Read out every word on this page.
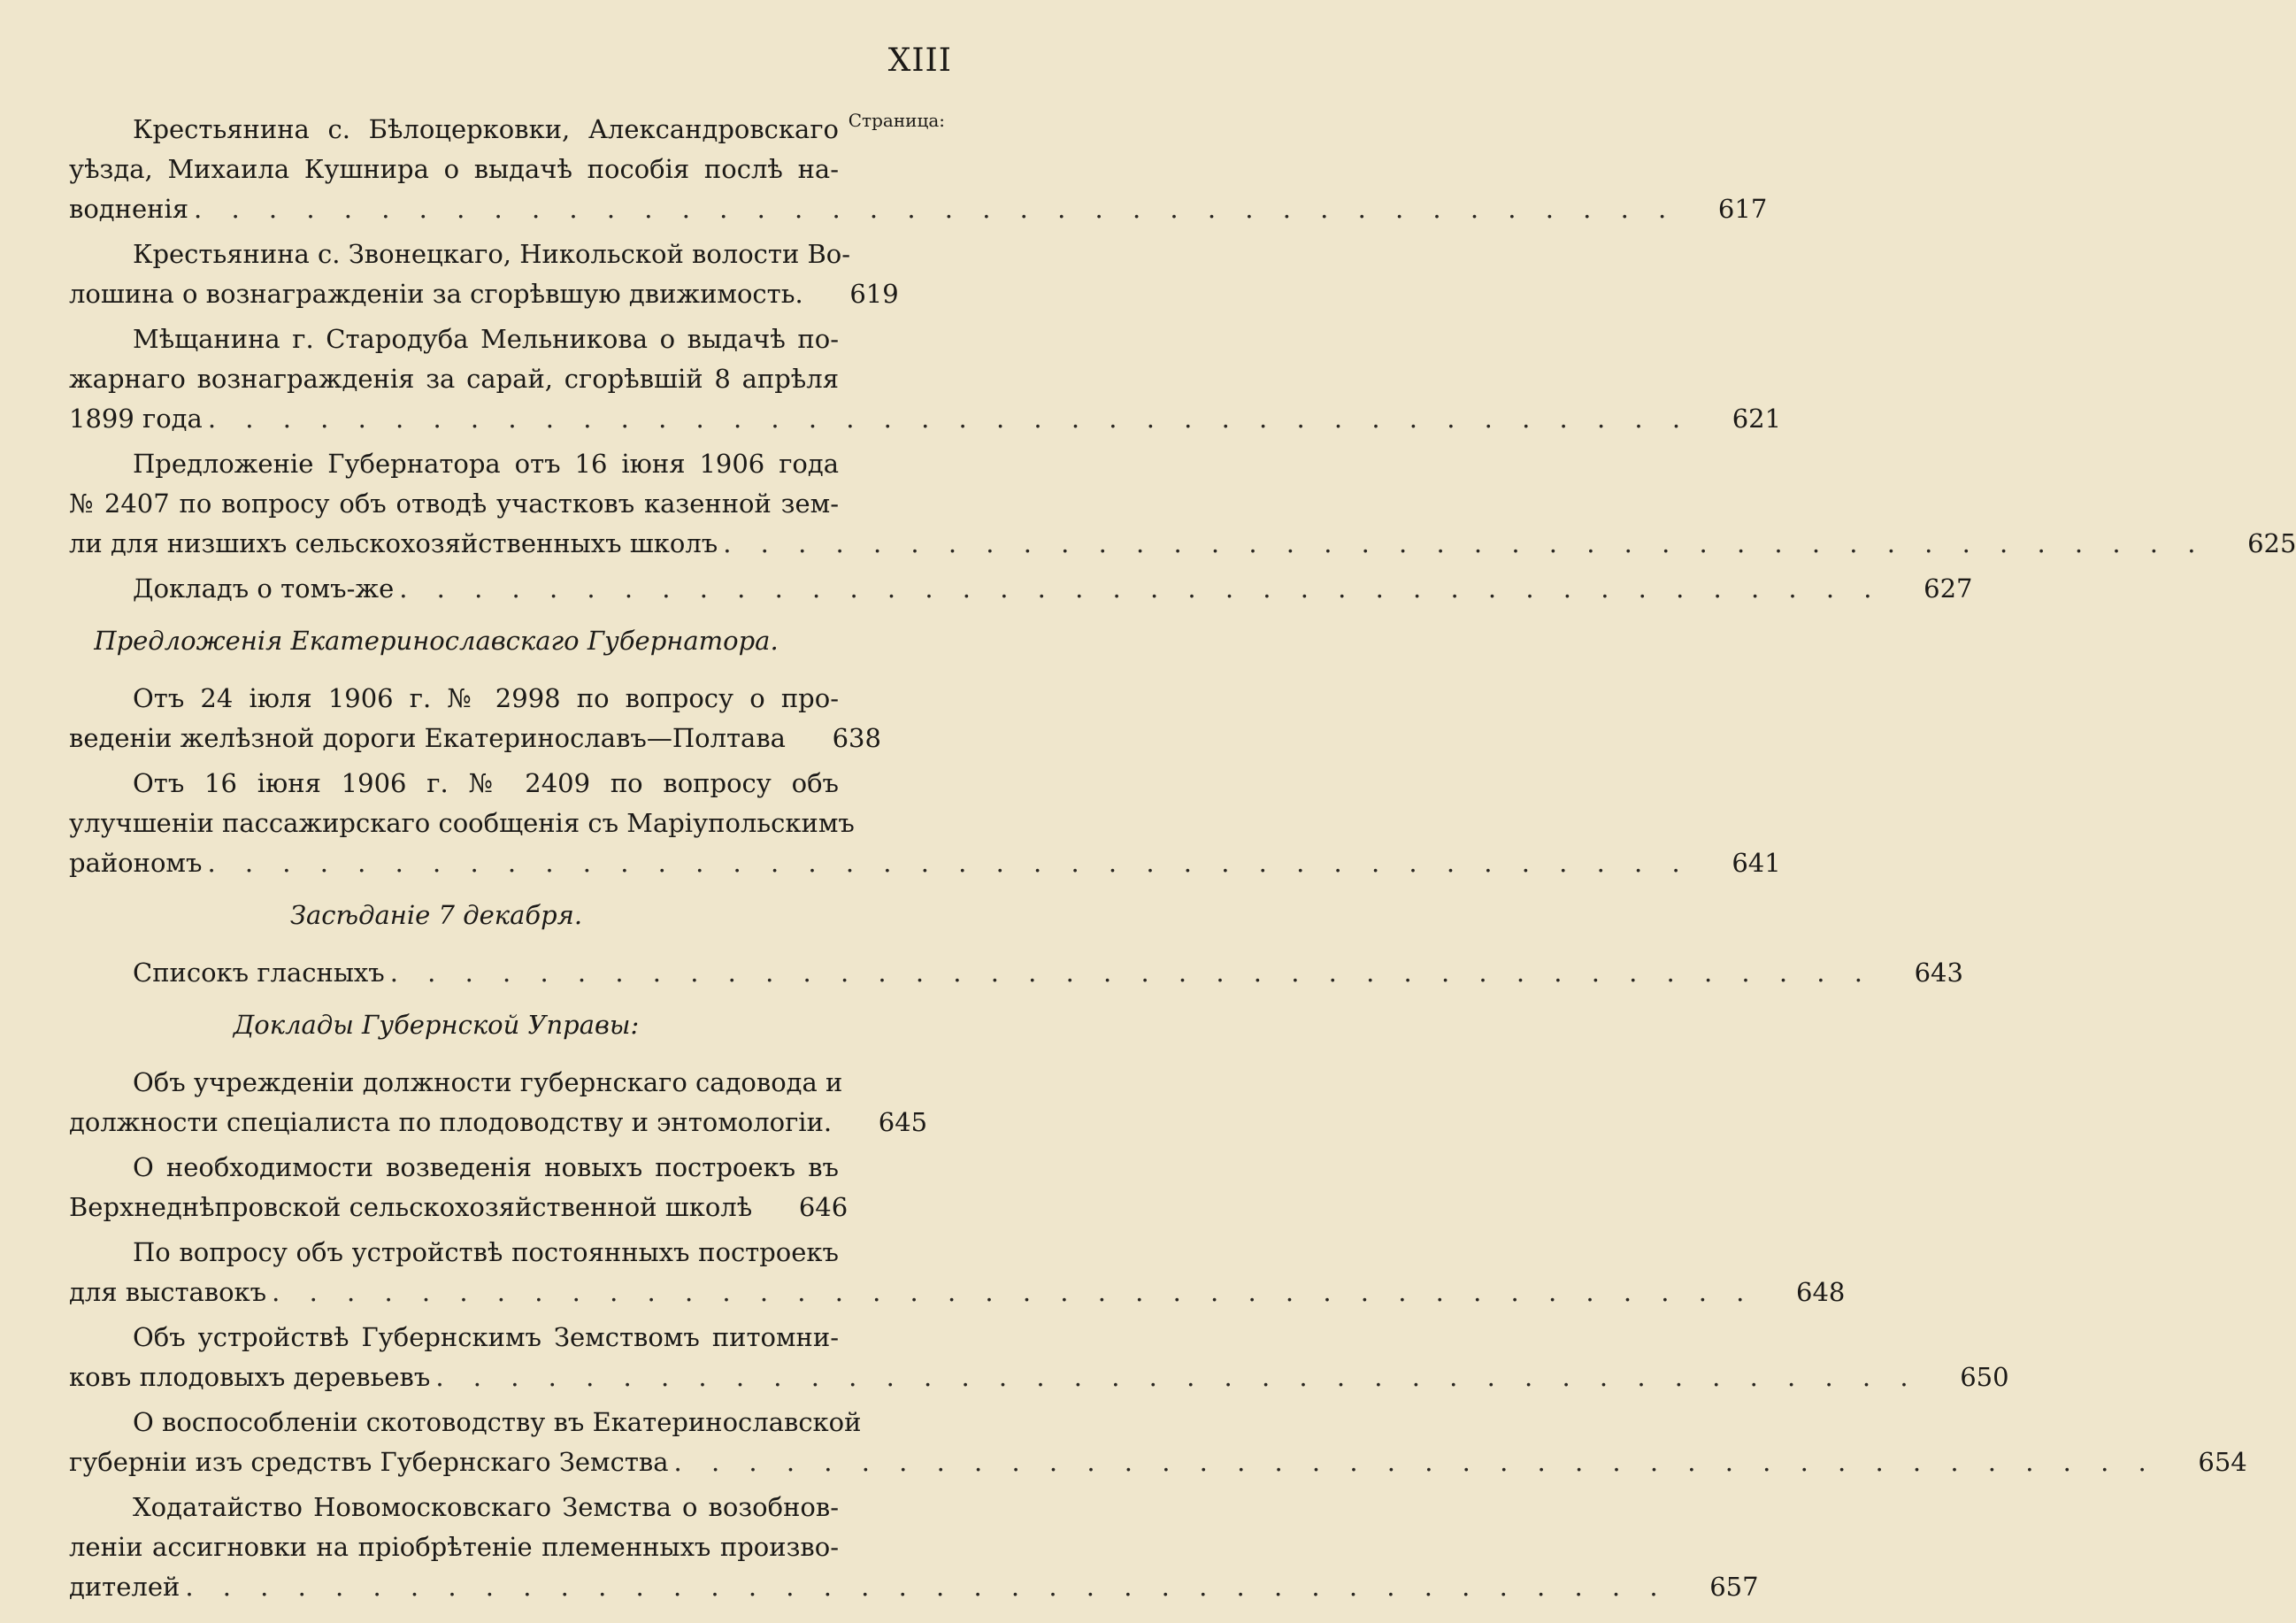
XIII
Страница:
Крестьянина с. Бѣлоцерковки, Александровскаго
уѣзда, Михаила Кушнира о выдачѣ пособія послѣ на-
водненія . . . . . . . . . . . . . . . . . . . . . . . . . . . . . . . . . . . . . . . . 617
Крестьянина с. Звонецкаго, Никольской волости Во-
лошина о вознагражденіи за сгорѣвшую движимость. 619
Мѣщанина г. Стародуба Мельникова о выдачѣ по-
жарнаго вознагражденія за сарай, сгорѣвшій 8 апрѣля
1899 года . . . . . . . . . . . . . . . . . . . . . . . . . . . . . . . . . . . . . . . . 621
Предложеніе Губернатора отъ 16 іюня 1906 года
№ 2407 по вопросу объ отводѣ участковъ казенной зем-
ли для низшихъ сельскохозяйственныхъ школъ . . . . . . . . . . . . . . . . . . . . . . . . . . . . . . . . . . . . . . . . 625
Докладъ о томъ-же . . . . . . . . . . . . . . . . . . . . . . . . . . . . . . . . . . . . . . . . 627
Предложенія Екатеринославскаго Губернатора.
Отъ 24 іюля 1906 г. № 2998 по вопросу о про-
веденіи желѣзной дороги Екатеринославъ—Полтава 638
Отъ 16 іюня 1906 г. № 2409 по вопросу объ
улучшеніи пассажирскаго сообщенія съ Маріупольскимъ
райономъ . . . . . . . . . . . . . . . . . . . . . . . . . . . . . . . . . . . . . . . . 641
Засѣданіе 7 декабря.
Списокъ гласныхъ . . . . . . . . . . . . . . . . . . . . . . . . . . . . . . . . . . . . . . . . 643
Доклады Губернской Управы:
Объ учрежденіи должности губернскаго садовода и
должности спеціалиста по плодоводству и энтомологіи. 645
О необходимости возведенія новыхъ построекъ въ
Верхнеднѣпровской сельскохозяйственной школѣ 646
По вопросу объ устройствѣ постоянныхъ построекъ
для выставокъ . . . . . . . . . . . . . . . . . . . . . . . . . . . . . . . . . . . . . . . . 648
Объ устройствѣ Губернскимъ Земствомъ питомни-
ковъ плодовыхъ деревьевъ . . . . . . . . . . . . . . . . . . . . . . . . . . . . . . . . . . . . . . . . 650
О воспособленіи скотоводству въ Екатеринославской
губерніи изъ средствъ Губернскаго Земства . . . . . . . . . . . . . . . . . . . . . . . . . . . . . . . . . . . . . . . . 654
Ходатайство Новомосковскаго Земства о возобнов-
леніи ассигновки на пріобрѣтеніе племенныхъ произво-
дителей . . . . . . . . . . . . . . . . . . . . . . . . . . . . . . . . . . . . . . . . 657
